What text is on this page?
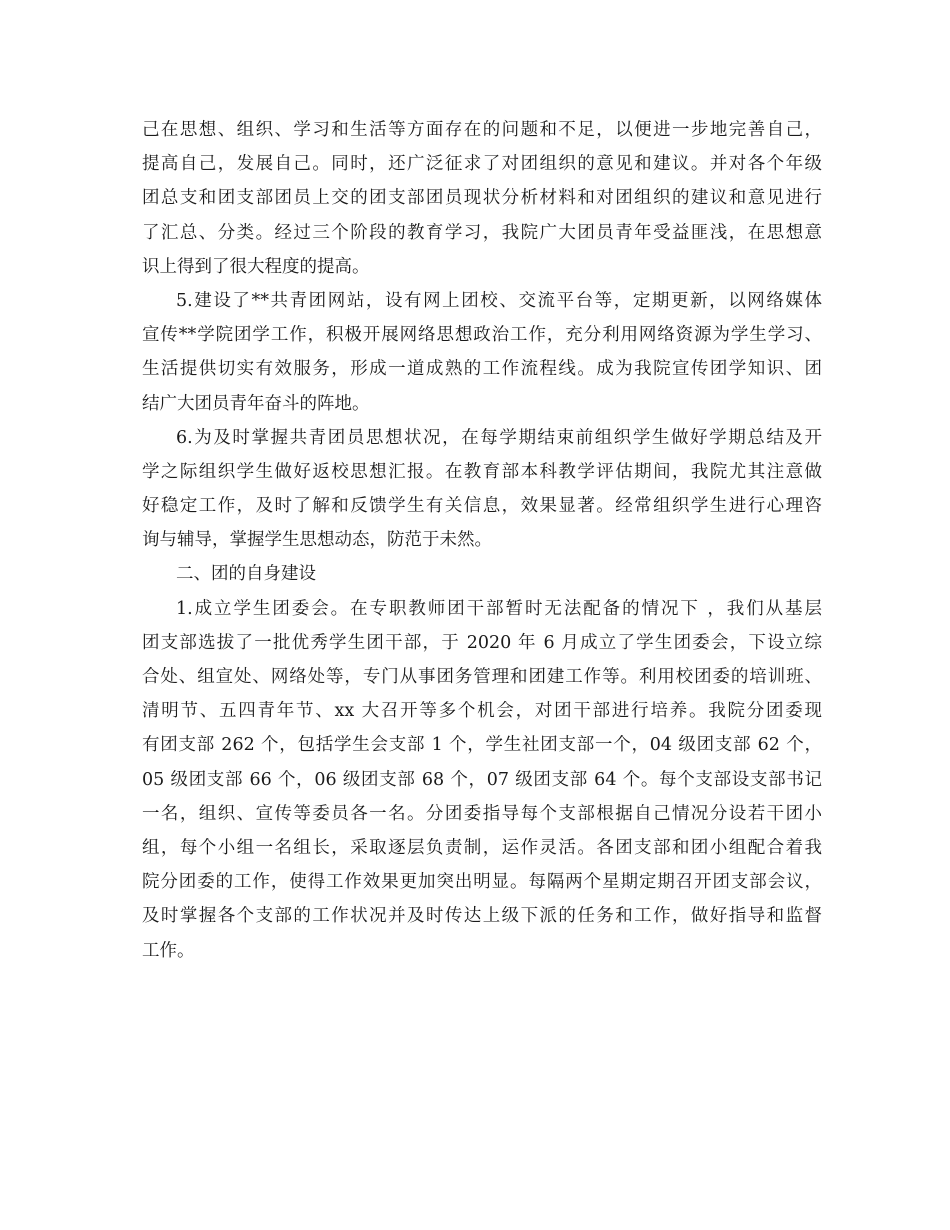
己在思想、组织、学习和生活等方面存在的问题和不足，以便进一步地完善自己，
提高自己，发展自己。同时，还广泛征求了对团组织的意见和建议。并对各个年级
团总支和团支部团员上交的团支部团员现状分析材料和对团组织的建议和意见进行
了汇总、分类。经过三个阶段的教育学习，我院广大团员青年受益匪浅，在思想意
识上得到了很大程度的提高。
5.建设了**共青团网站，设有网上团校、交流平台等，定期更新，以网络媒体
宣传**学院团学工作，积极开展网络思想政治工作，充分利用网络资源为学生学习、
生活提供切实有效服务，形成一道成熟的工作流程线。成为我院宣传团学知识、团
结广大团员青年奋斗的阵地。
6.为及时掌握共青团员思想状况，在每学期结束前组织学生做好学期总结及开
学之际组织学生做好返校思想汇报。在教育部本科教学评估期间，我院尤其注意做
好稳定工作，及时了解和反馈学生有关信息，效果显著。经常组织学生进行心理咨
询与辅导，掌握学生思想动态，防范于未然。
二、团的自身建设
1.成立学生团委会。在专职教师团干部暂时无法配备的情况下 ，我们从基层
团支部选拔了一批优秀学生团干部，于 2020 年 6 月成立了学生团委会，下设立综
合处、组宣处、网络处等，专门从事团务管理和团建工作等。利用校团委的培训班、
清明节、五四青年节、xx 大召开等多个机会，对团干部进行培养。我院分团委现
有团支部 262 个，包括学生会支部 1 个，学生社团支部一个，04 级团支部 62 个，
05 级团支部 66 个，06 级团支部 68 个，07 级团支部 64 个。每个支部设支部书记
一名，组织、宣传等委员各一名。分团委指导每个支部根据自己情况分设若干团小
组，每个小组一名组长，采取逐层负责制，运作灵活。各团支部和团小组配合着我
院分团委的工作，使得工作效果更加突出明显。每隔两个星期定期召开团支部会议，
及时掌握各个支部的工作状况并及时传达上级下派的任务和工作，做好指导和监督
工作。
